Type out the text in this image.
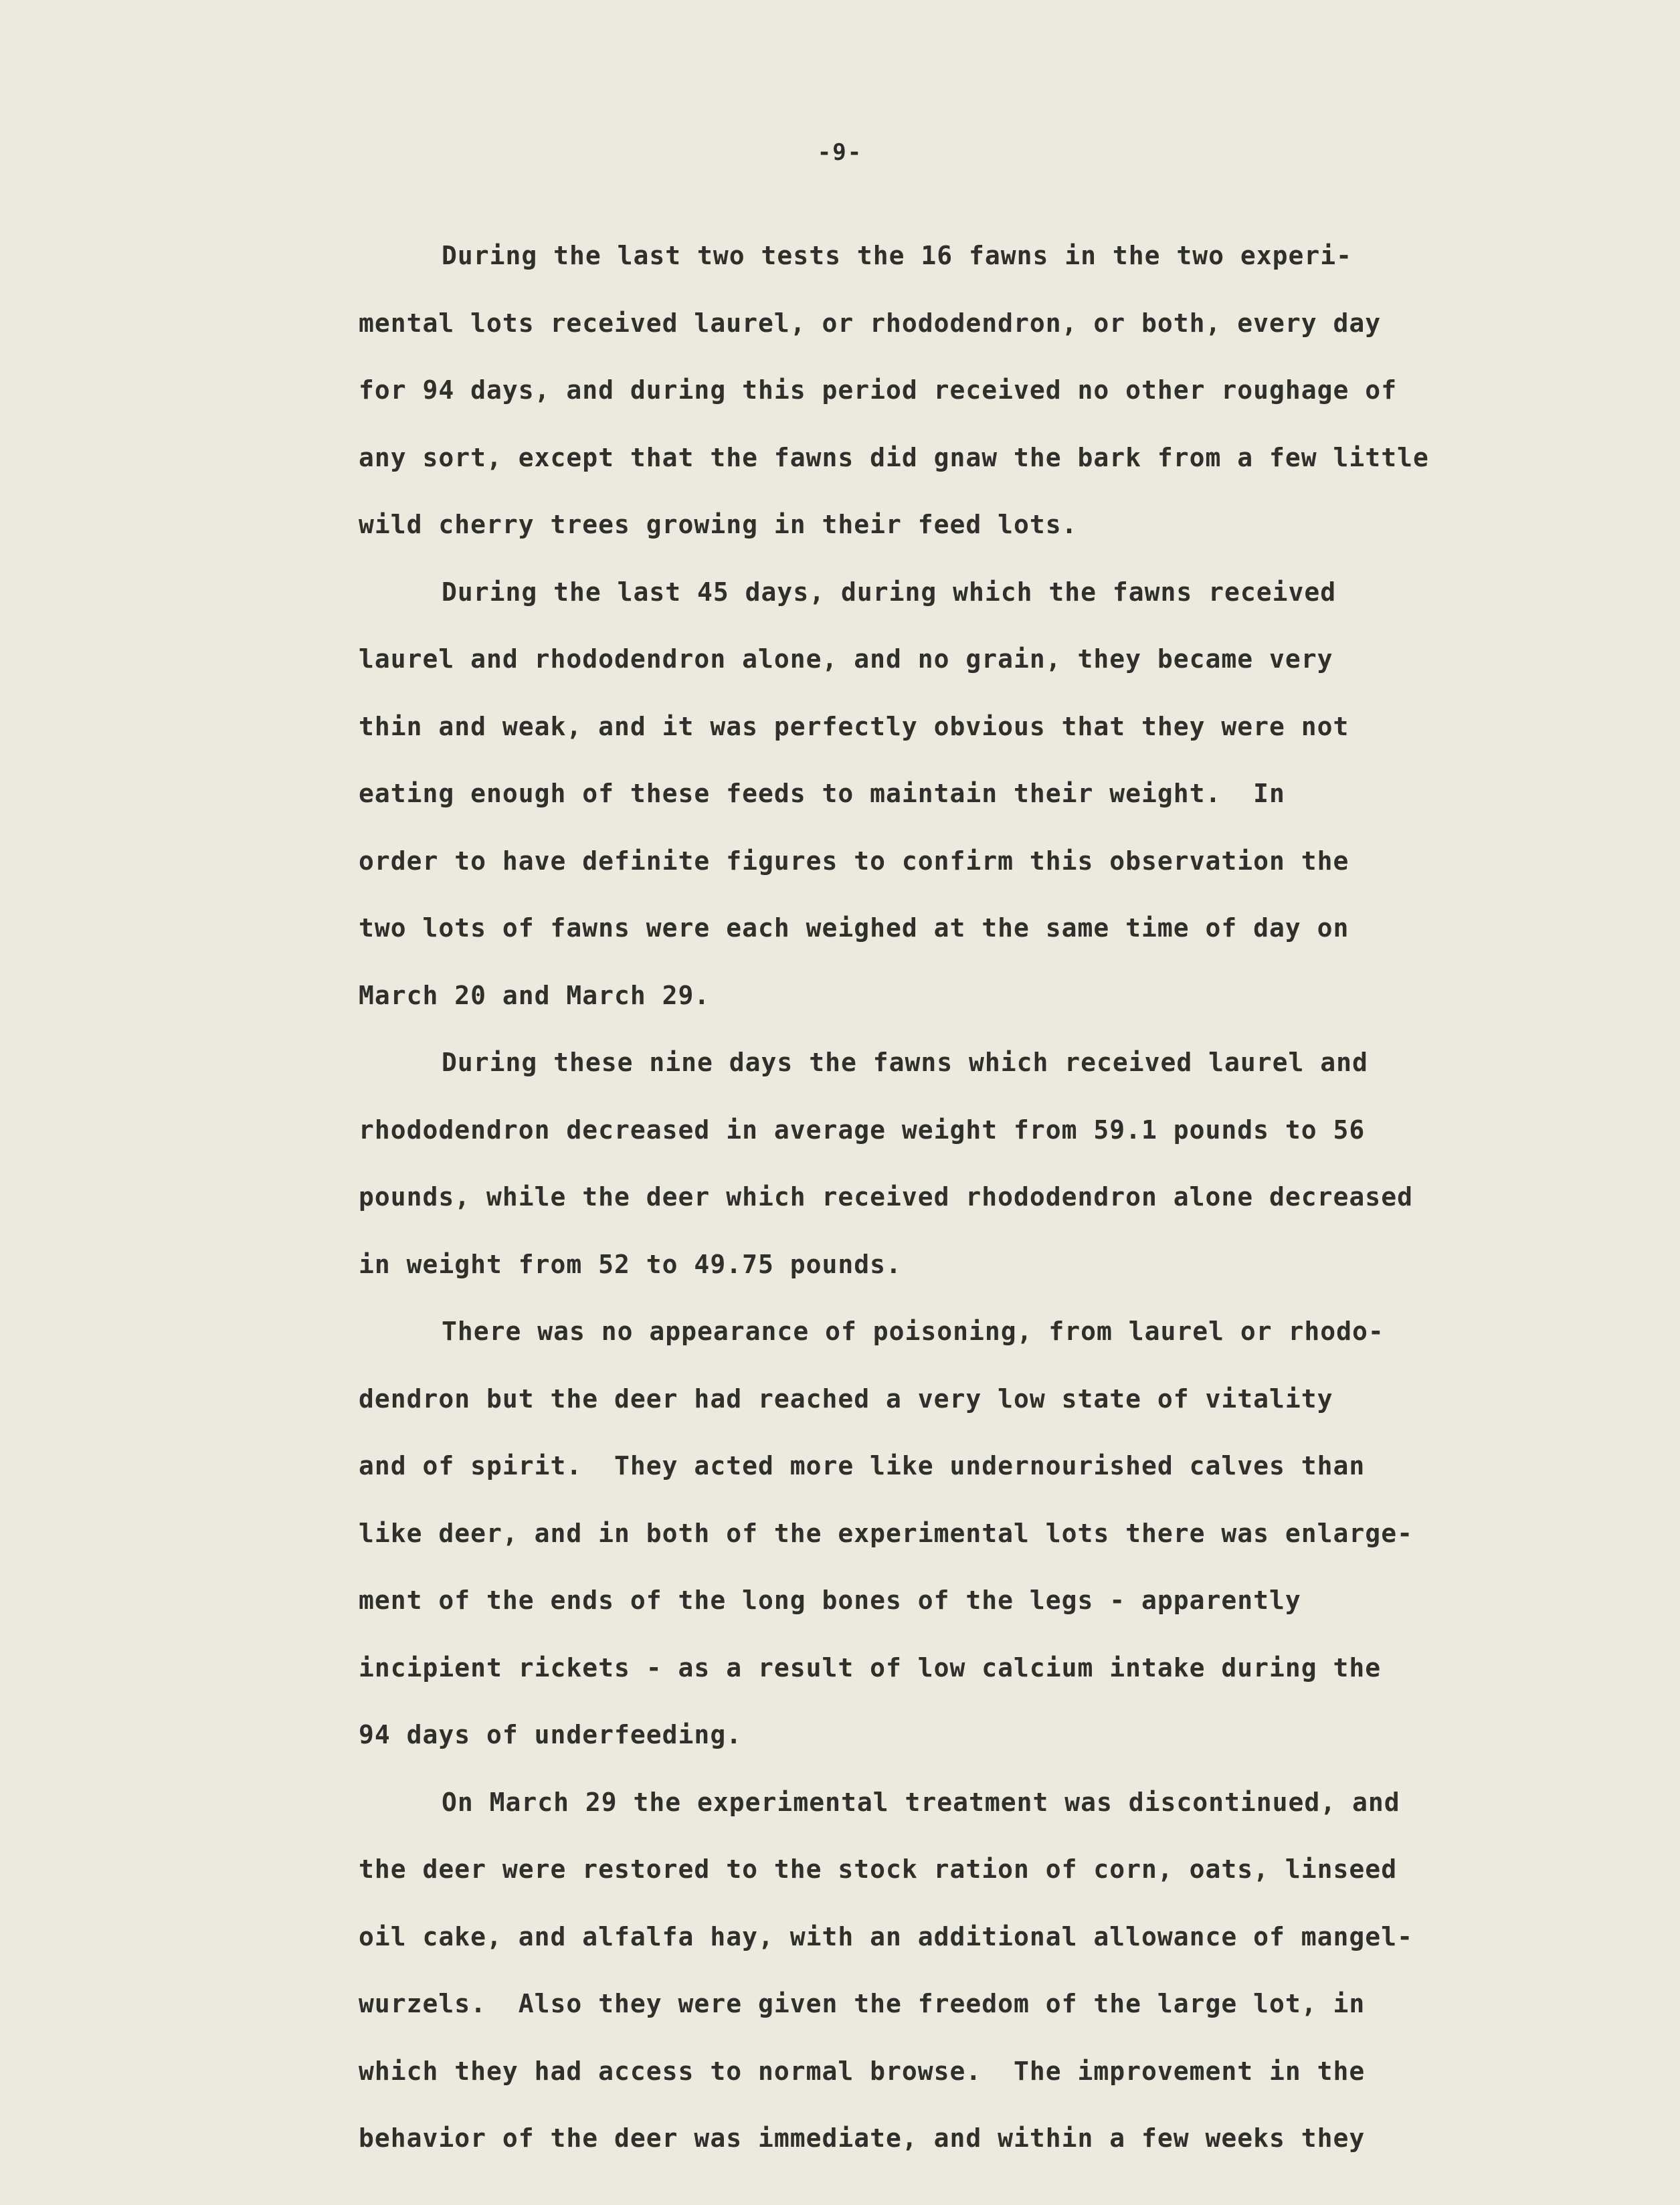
-9-

During the last two tests the 16 fawns in the two experi-
mental lots received laurel, or rhododendron, or both, every day
for 94 days, and during this period received no other roughage of
any sort, except that the fawns did gnaw the bark from a few little
wild cherry trees growing in their feed lots.

During the last 45 days, during which the fawns received
laurel and rhododendron alone, and no grain, they became very
thin and weak, and it was perfectly obvious that they were not
eating enough of these feeds to maintain their weight.  In
order to have definite figures to confirm this observation the
two lots of fawns were each weighed at the same time of day on
March 20 and March 29.

During these nine days the fawns which received laurel and
rhododendron decreased in average weight from 59.1 pounds to 56
pounds, while the deer which received rhododendron alone decreased
in weight from 52 to 49.75 pounds.

There was no appearance of poisoning, from laurel or rhodo-
dendron but the deer had reached a very low state of vitality
and of spirit.  They acted more like undernourished calves than
like deer, and in both of the experimental lots there was enlarge-
ment of the ends of the long bones of the legs - apparently
incipient rickets - as a result of low calcium intake during the
94 days of underfeeding.

On March 29 the experimental treatment was discontinued, and
the deer were restored to the stock ration of corn, oats, linseed
oil cake, and alfalfa hay, with an additional allowance of mangel-
wurzels.  Also they were given the freedom of the large lot, in
which they had access to normal browse.  The improvement in the
behavior of the deer was immediate, and within a few weeks they
